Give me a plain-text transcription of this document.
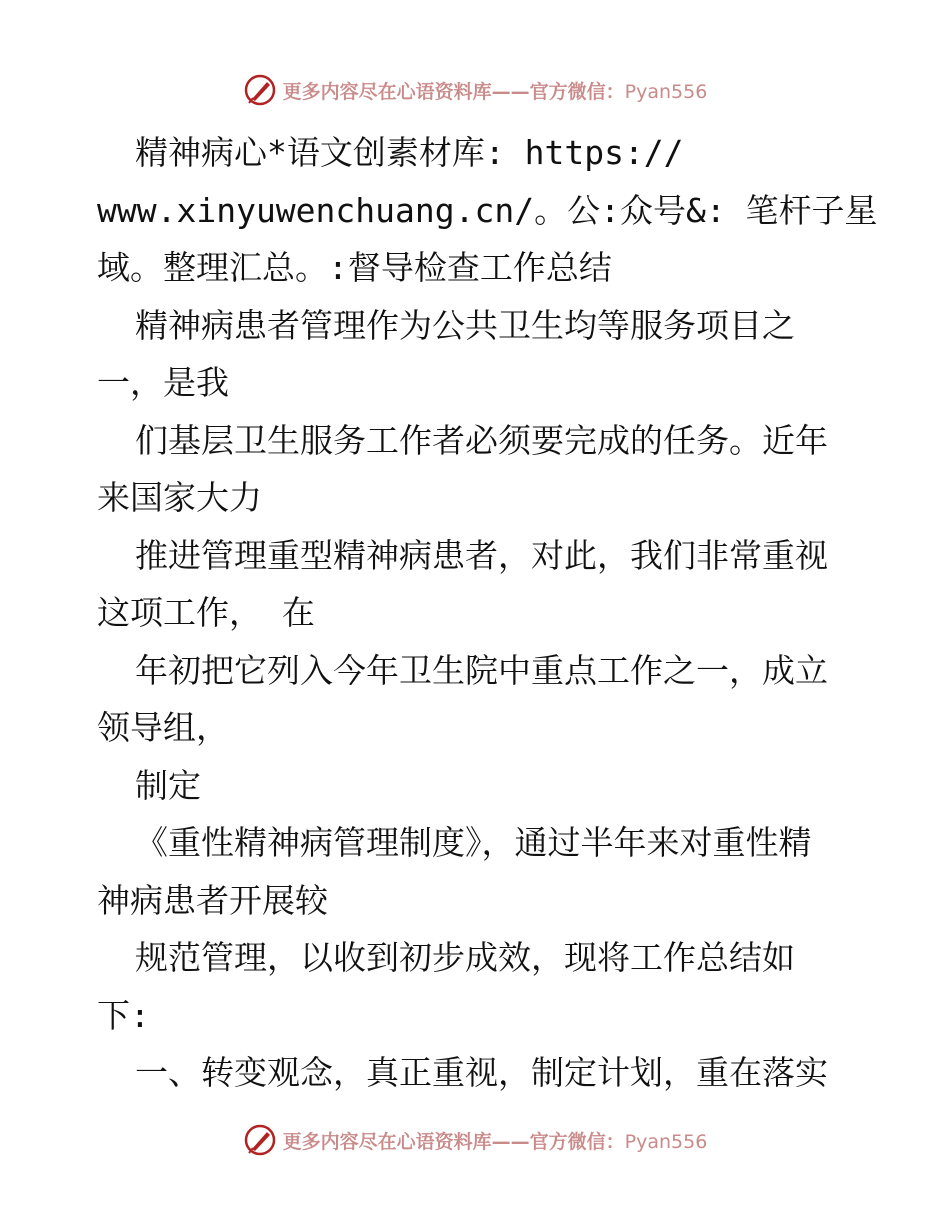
更多内容尽在心语资料库——官方微信：Pyan556
精神病心*语文创素材库: https://
www.xinyuwenchuang.cn/。公:众号&: 笔杆子星
域。整理汇总。:督导检查工作总结
精神病患者管理作为公共卫生均等服务项目之
一，是我
们基层卫生服务工作者必须要完成的任务。近年
来国家大力
推进管理重型精神病患者，对此，我们非常重视
这项工作， 在
年初把它列入今年卫生院中重点工作之一，成立
领导组，
制定
《重性精神病管理制度》，通过半年来对重性精
神病患者开展较
规范管理，以收到初步成效，现将工作总结如
下:
一、转变观念，真正重视，制定计划，重在落实
更多内容尽在心语资料库——官方微信：Pyan556
